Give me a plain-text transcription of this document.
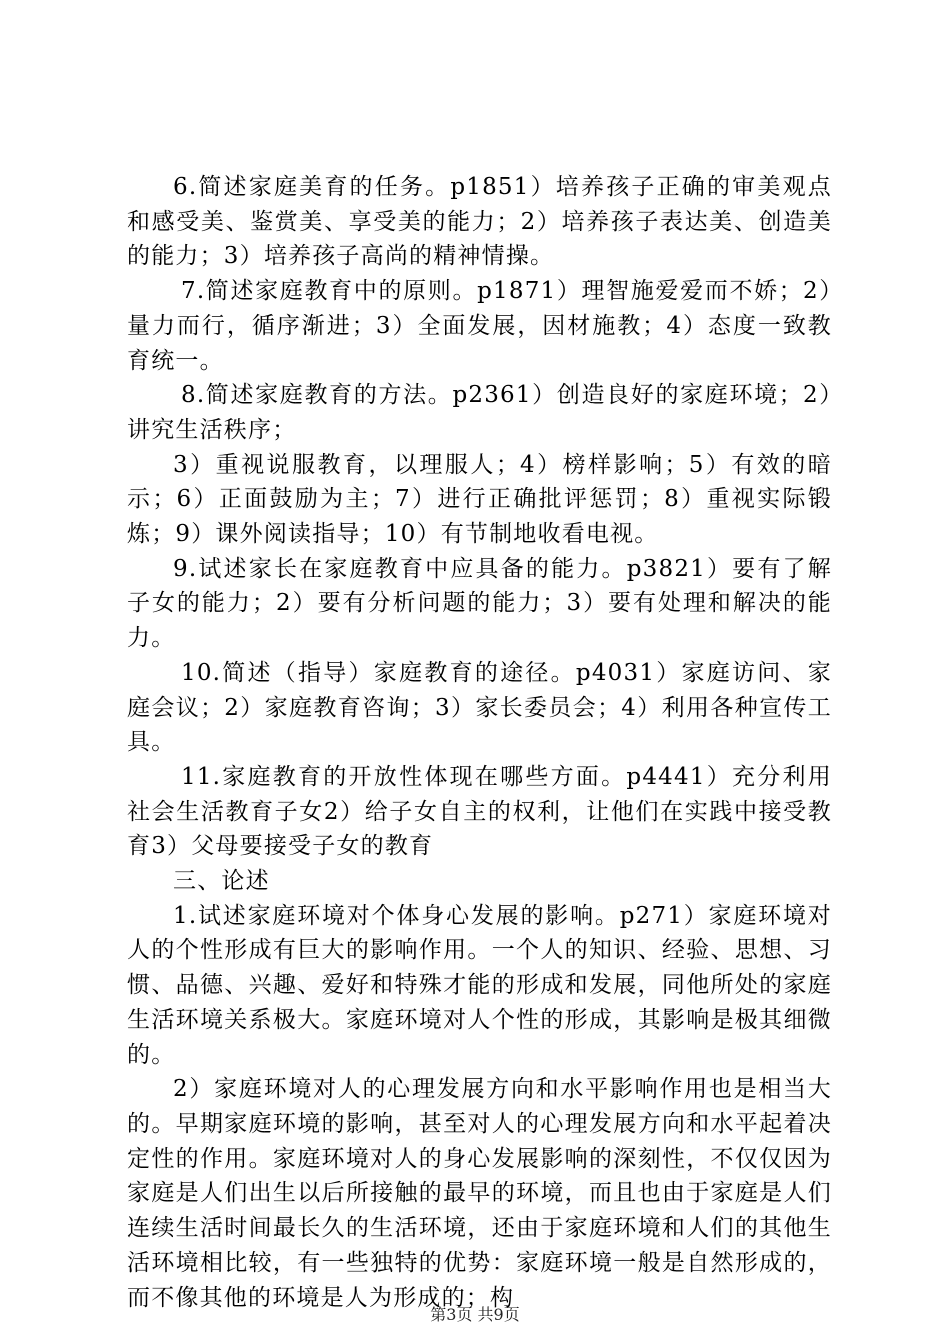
6.简述家庭美育的任务。p1851）培养孩子正确的审美观点和感受美、鉴赏美、享受美的能力；2）培养孩子表达美、创造美的能力；3）培养孩子高尚的精神情操。

7.简述家庭教育中的原则。p1871）理智施爱爱而不娇；2）量力而行，循序渐进；3）全面发展，因材施教；4）态度一致教育统一。

8.简述家庭教育的方法。p2361）创造良好的家庭环境；2）讲究生活秩序；

3）重视说服教育，以理服人；4）榜样影响；5）有效的暗示；6）正面鼓励为主；7）进行正确批评惩罚；8）重视实际锻炼；9）课外阅读指导；10）有节制地收看电视。

9.试述家长在家庭教育中应具备的能力。p3821）要有了解子女的能力；2）要有分析问题的能力；3）要有处理和解决的能力。

10.简述（指导）家庭教育的途径。p4031）家庭访问、家庭会议；2）家庭教育咨询；3）家长委员会；4）利用各种宣传工具。

11.家庭教育的开放性体现在哪些方面。p4441）充分利用社会生活教育子女2）给子女自主的权利，让他们在实践中接受教育3）父母要接受子女的教育

三、论述

1.试述家庭环境对个体身心发展的影响。p271）家庭环境对人的个性形成有巨大的影响作用。一个人的知识、经验、思想、习惯、品德、兴趣、爱好和特殊才能的形成和发展，同他所处的家庭生活环境关系极大。家庭环境对人个性的形成，其影响是极其细微的。

2）家庭环境对人的心理发展方向和水平影响作用也是相当大的。早期家庭环境的影响，甚至对人的心理发展方向和水平起着决定性的作用。家庭环境对人的身心发展影响的深刻性，不仅仅因为家庭是人们出生以后所接触的最早的环境，而且也由于家庭是人们连续生活时间最长久的生活环境，还由于家庭环境和人们的其他生活环境相比较，有一些独特的优势：家庭环境一般是自然形成的，而不像其他的环境是人为形成的；构

第3页 共9页
